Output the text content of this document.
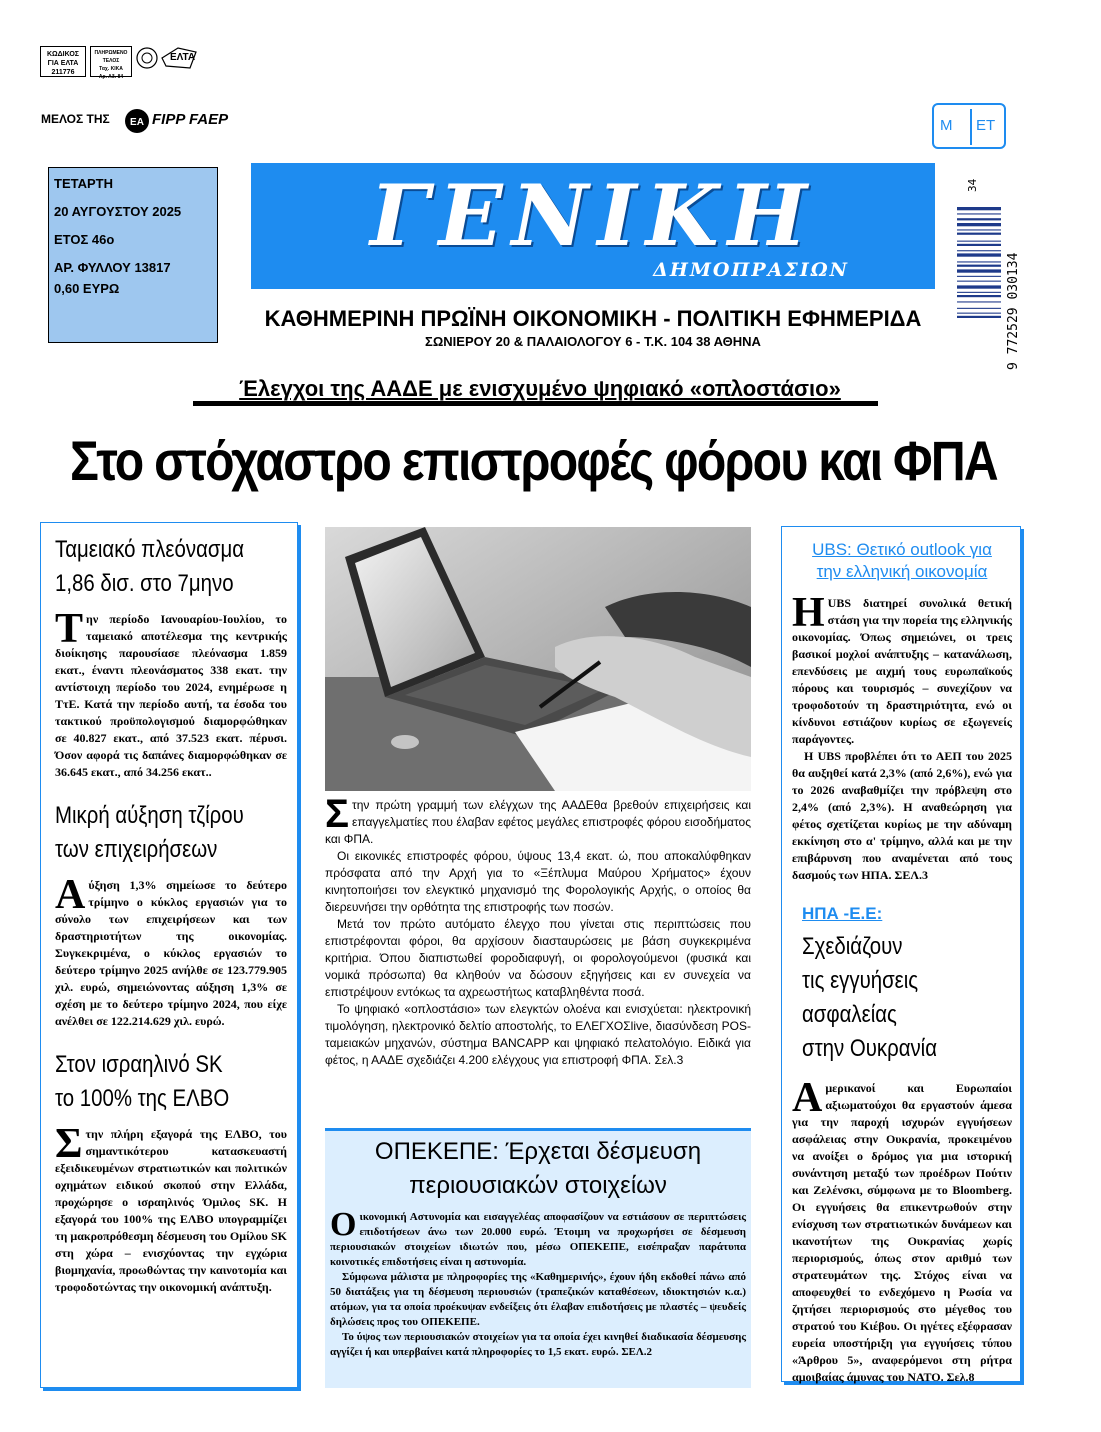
ΚΩΔΙΚΟΣ ΓΙΑ ΕΛΤΑ
211776
ΠΛΗΡΩΜΕΝΟ ΤΕΛΟΣ
Ταχ. ΚΙΚΑ
Αρ. Αδ. 84
ΕΛΤΑ
ΜΕΛΟΣ ΤΗΣ EA FIPP FAEP	Μ ΕΤ
ΤΕΤΑΡΤΗ
20 ΑΥΓΟΥΣΤΟΥ 2025
ΕΤΟΣ 46ο
ΑΡ. ΦΥΛΛΟΥ 13817
0,60 ΕΥΡΩ
ΓΕΝΙΚΗ
ΔΗΜΟΠΡΑΣΙΩΝ
ΚΑΘΗΜΕΡΙΝΗ ΠΡΩΪΝΗ ΟΙΚΟΝΟΜΙΚΗ - ΠΟΛΙΤΙΚΗ ΕΦΗΜΕΡΙΔΑ
ΣΩΝΙΕΡΟΥ 20 & ΠΑΛΑΙΟΛΟΓΟΥ 6 - Τ.Κ. 104 38 ΑΘΗΝΑ	9 772529 030134
34
Έλεγχοι της ΑΑΔΕ με ενισχυμένο ψηφιακό «οπλοστάσιο»
Στο στόχαστρο επιστροφές φόρου και ΦΠΑ
Ταμειακό πλεόνασμα
1,86 δισ. στο 7μηνο
Την περίοδο Ιανουαρίου-Ιουλίου, το ταμειακό αποτέλεσμα της κεντρικής διοίκησης παρουσίασε πλεόνασμα 1.859 εκατ., έναντι πλεονάσματος 338 εκατ. την αντίστοιχη περίοδο του 2024, ενημέρωσε η ΤτΕ. Κατά την περίοδο αυτή, τα έσοδα του τακτικού προϋπολογισμού διαμορφώθηκαν σε 40.827 εκατ., από 37.523 εκατ. πέρυσι. Όσον αφορά τις δαπάνες διαμορφώθηκαν σε 36.645 εκατ., από 34.256 εκατ..
Μικρή αύξηση τζίρου
των επιχειρήσεων
Αύξηση 1,3% σημείωσε το δεύτερο τρίμηνο ο κύκλος εργασιών για το σύνολο των επιχειρήσεων και των δραστηριοτήτων της οικονομίας. Συγκεκριμένα, ο κύκλος εργασιών το δεύτερο τρίμηνο 2025 ανήλθε σε 123.779.905 χιλ. ευρώ, σημειώνοντας αύξηση 1,3% σε σχέση με το δεύτερο τρίμηνο 2024, που είχε ανέλθει σε 122.214.629 χιλ. ευρώ.
Στον ισραηλινό SK
το 100% της ΕΛΒΟ
Στην πλήρη εξαγορά της ΕΛΒΟ, του σημαντικότερου κατασκευαστή εξειδικευμένων στρατιωτικών και πολιτικών οχημάτων ειδικού σκοπού στην Ελλάδα, προχώρησε ο ισραηλινός Όμιλος SK. Η εξαγορά του 100% της ΕΛΒΟ υπογραμμίζει τη μακροπρόθεσμη δέσμευση του Ομίλου SK στη χώρα – ενισχύοντας την εγχώρια βιομηχανία, προωθώντας την καινοτομία και τροφοδοτώντας την οικονομική ανάπτυξη.

Στην πρώτη γραμμή των ελέγχων της ΑΑΔΕθα βρεθούν επιχειρήσεις και επαγγελματίες που έλαβαν εφέτος μεγάλες επιστροφές φόρου εισοδήματος και ΦΠΑ.

Οι εικονικές επιστροφές φόρου, ύψους 13,4 εκατ. ώ, που αποκαλύφθηκαν πρόσφατα από την Αρχή για το «Ξέπλυμα Μαύρου Χρήματος» έχουν κινητοποιήσει τον ελεγκτικό μηχανισμό της Φορολογικής Αρχής, ο οποίος θα διερευνήσει την ορθότητα της επιστροφής των ποσών.

Μετά τον πρώτο αυτόματο έλεγχο που γίνεται στις περιπτώσεις που επιστρέφονται φόροι, θα αρχίσουν διασταυρώσεις με βάση συγκεκριμένα κριτήρια. Όπου διαπιστωθεί φοροδιαφυγή, οι φορολογούμενοι (φυσικά και νομικά πρόσωπα) θα κληθούν να δώσουν εξηγήσεις και εν συνεχεία να επιστρέψουν εντόκως τα αχρεωστήτως καταβληθέντα ποσά.

Το ψηφιακό «οπλοστάσιο» των ελεγκτών ολοένα και ενισχύεται: ηλεκτρονική τιμολόγηση, ηλεκτρονικό δελτίο αποστολής, το ΕΛΕΓΧΟΣlive, διασύνδεση POS-ταμειακών μηχανών, σύστημα BANCAPP και ψηφιακό πελατολόγιο. Ειδικά για φέτος, η ΑΑΔΕ σχεδιάζει 4.200 ελέγχους για επιστροφή ΦΠΑ. Σελ.3

ΟΠΕΚΕΠΕ: Έρχεται δέσμευση
περιουσιακών στοιχείων

Οικονομική Αστυνομία και εισαγγελέας αποφασίζουν να εστιάσουν σε περιπτώσεις επιδοτήσεων άνω των 20.000 ευρώ. Έτοιμη να προχωρήσει σε δέσμευση περιουσιακών στοιχείων ιδιωτών που, μέσω ΟΠΕΚΕΠΕ, εισέπραξαν παράτυπα κοινοτικές επιδοτήσεις είναι η αστυνομία.

Σύμφωνα μάλιστα με πληροφορίες της «Καθημερινής», έχουν ήδη εκδοθεί πάνω από 50 διατάξεις για τη δέσμευση περιουσιών (τραπεζικών καταθέσεων, ιδιοκτησιών κ.α.) ατόμων, για τα οποία προέκυψαν ενδείξεις ότι έλαβαν επιδοτήσεις με πλαστές – ψευδείς δηλώσεις προς του ΟΠΕΚΕΠΕ.

Το ύψος των περιουσιακών στοιχείων για τα οποία έχει κινηθεί διαδικασία δέσμευσης αγγίζει ή και υπερβαίνει κατά πληροφορίες το 1,5 εκατ. ευρώ. ΣΕΛ.2

UBS: Θετικό outlook για
την ελληνική οικονομία

ΗUBS διατηρεί συνολικά θετική στάση για την πορεία της ελληνικής οικονομίας. Όπως σημειώνει, οι τρεις βασικοί μοχλοί ανάπτυξης – κατανάλωση, επενδύσεις με αιχμή τους ευρωπαϊκούς πόρους και τουρισμός – συνεχίζουν να τροφοδοτούν τη δραστηριότητα, ενώ οι κίνδυνοι εστιάζουν κυρίως σε εξωγενείς παράγοντες.

Η UBS προβλέπει ότι το ΑΕΠ του 2025 θα αυξηθεί κατά 2,3% (από 2,6%), ενώ για το 2026 αναβαθμίζει την πρόβλεψη στο 2,4% (από 2,3%). Η αναθεώρηση για φέτος σχετίζεται κυρίως με την αδύναμη εκκίνηση στο α' τρίμηνο, αλλά και με την επιβάρυνση που αναμένεται από τους δασμούς των ΗΠΑ. ΣΕΛ.3

ΗΠΑ -Ε.Ε:
Σχεδιάζουν
τις εγγυήσεις
ασφαλείας
στην Ουκρανία
Αμερικανοί και Ευρωπαίοι αξιωματούχοι θα εργαστούν άμεσα για την παροχή ισχυρών εγγυήσεων ασφάλειας στην Ουκρανία, προκειμένου να ανοίξει ο δρόμος για μια ιστορική συνάντηση μεταξύ των προέδρων Πούτιν και Ζελένσκι, σύμφωνα με το Bloomberg. Οι εγγυήσεις θα επικεντρωθούν στην ενίσχυση των στρατιωτικών δυνάμεων και ικανοτήτων της Ουκρανίας χωρίς περιορισμούς, όπως στον αριθμό των στρατευμάτων της. Στόχος είναι να αποφευχθεί το ενδεχόμενο η Ρωσία να ζητήσει περιορισμούς στο μέγεθος του στρατού του Κιέβου. Οι ηγέτες εξέφρασαν ευρεία υποστήριξη για εγγυήσεις τύπου «Άρθρου 5», αναφερόμενοι στη ρήτρα αμοιβαίας άμυνας του ΝΑΤΟ. Σελ.8
